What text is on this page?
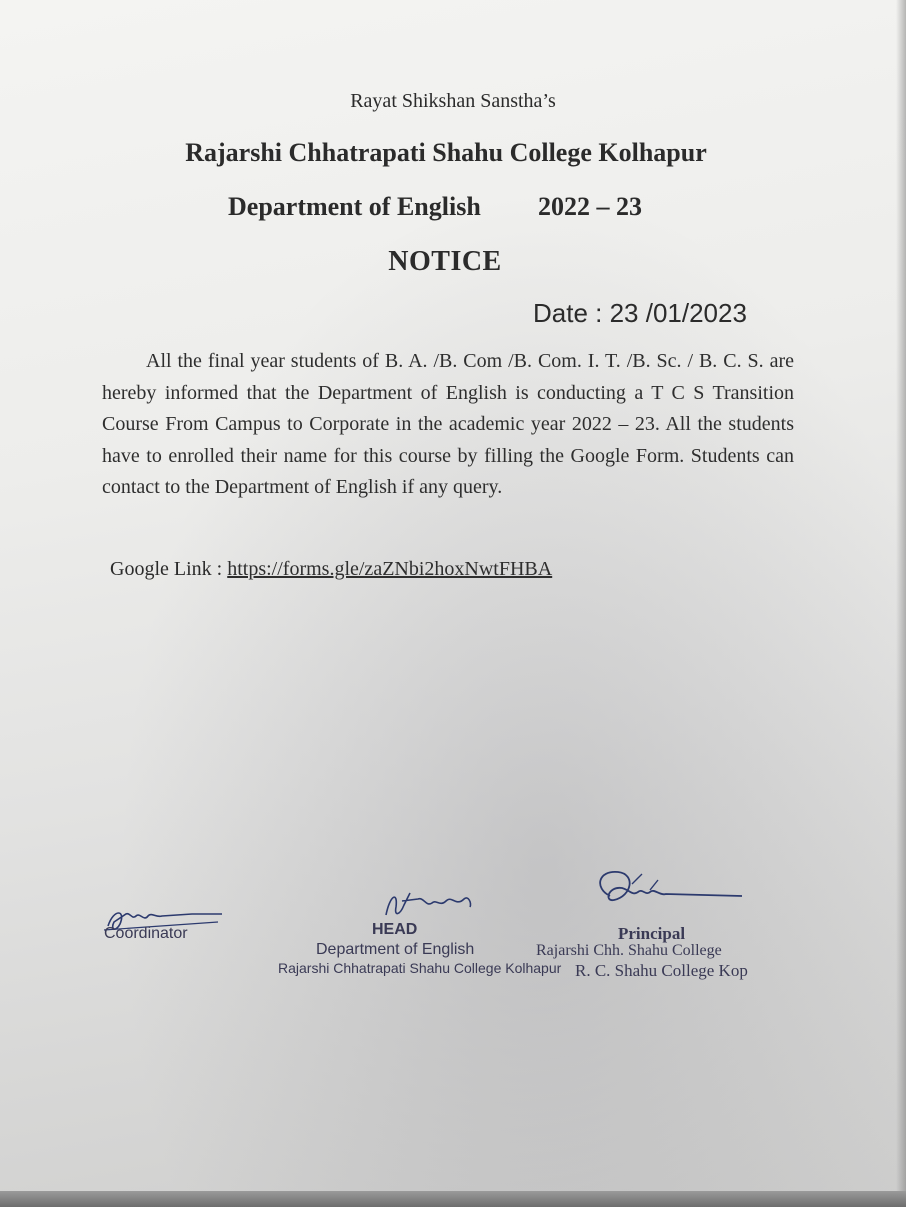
Rayat Shikshan Sanstha’s
Rajarshi Chhatrapati Shahu College Kolhapur
Department of English 2022 – 23
NOTICE
Date : 23 /01/2023
All the final year students of B. A. /B. Com /B. Com. I. T. /B. Sc. / B. C. S. are hereby informed that the Department of English is conducting a T C S Transition Course From Campus to Corporate in the academic year 2022 – 23. All the students have to enrolled their name for this course by filling the Google Form. Students can contact to the Department of English if any query.
Google Link : https://forms.gle/zaZNbi2hoxNwtFHBA
Coordinator	HEAD
Department of English
Rajarshi Chhatrapati Shahu College Kolhapur
Principal
Rajarshi Chh. Shahu College
R. C. Shahu College Kop
